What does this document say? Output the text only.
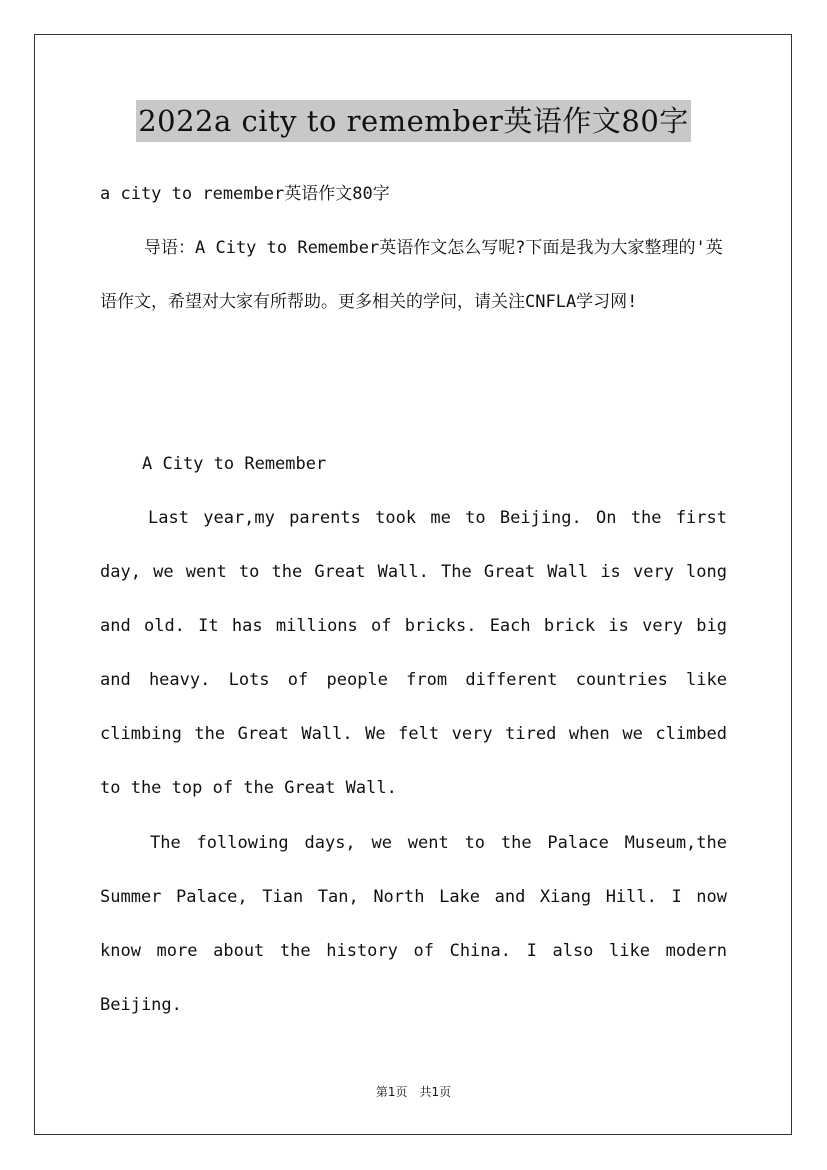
2022a city to remember英语作文80字

a city to remember英语作文80字

导语：A City to Remember英语作文怎么写呢?下面是我为大家整理的'英语作文，希望对大家有所帮助。更多相关的学问，请关注CNFLA学习网!

A City to Remember

Last year,my parents took me to Beijing. On the first day, we went to the Great Wall. The Great Wall is very long and old. It has millions of bricks. Each brick is very big and heavy. Lots of people from different countries like climbing the Great Wall. We felt very tired when we climbed to the top of the Great Wall.

The following days, we went to the Palace Museum,the Summer Palace, Tian Tan, North Lake and Xiang Hill. I now know more about the history of China. I also like modern Beijing.

第1页 共1页
